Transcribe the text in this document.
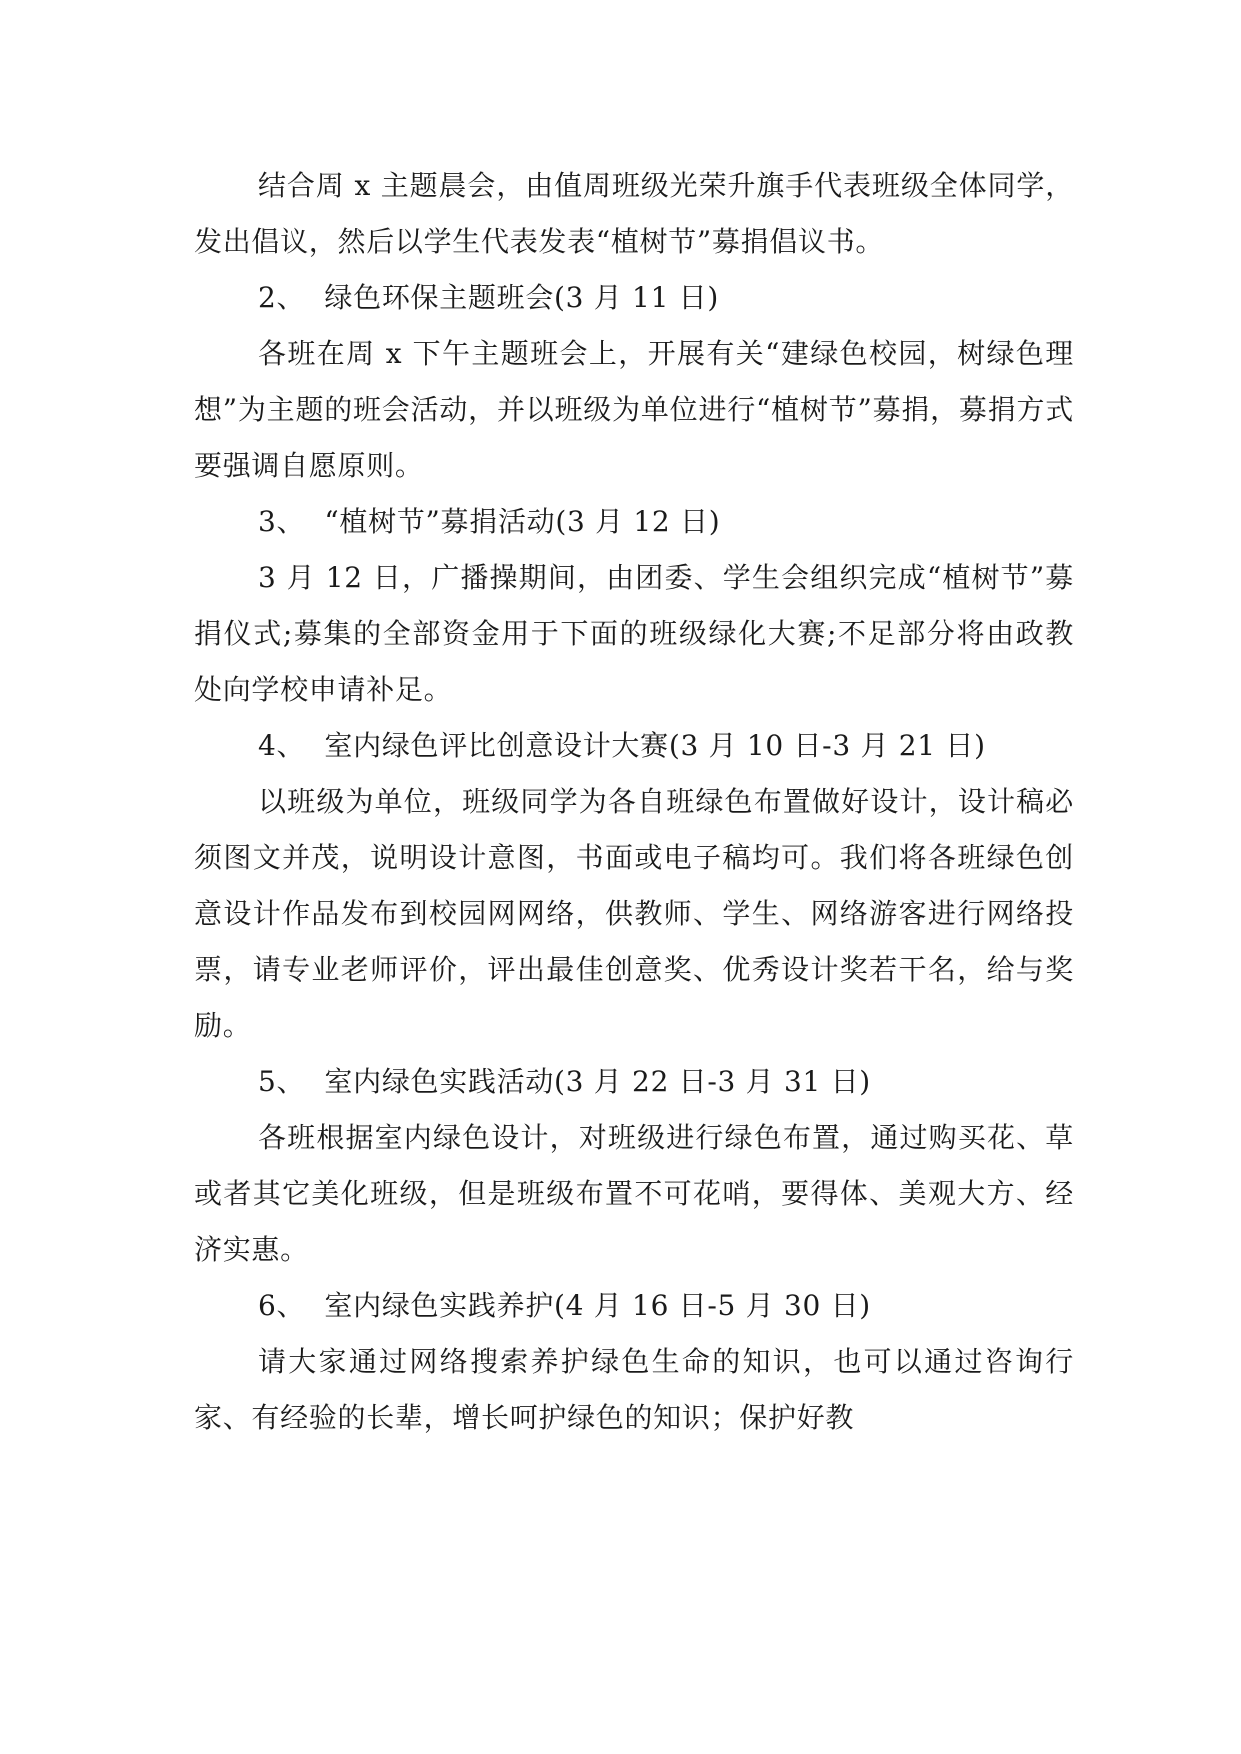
结合周 x 主题晨会，由值周班级光荣升旗手代表班级全体同学，发出倡议，然后以学生代表发表“植树节”募捐倡议书。

2、  绿色环保主题班会(3 月 11 日)

各班在周 x 下午主题班会上，开展有关“建绿色校园，树绿色理想”为主题的班会活动，并以班级为单位进行“植树节”募捐，募捐方式要强调自愿原则。

3、  “植树节”募捐活动(3 月 12 日)

3 月 12 日，广播操期间，由团委、学生会组织完成“植树节”募捐仪式;募集的全部资金用于下面的班级绿化大赛;不足部分将由政教处向学校申请补足。

4、  室内绿色评比创意设计大赛(3 月 10 日-3 月 21 日)

以班级为单位，班级同学为各自班绿色布置做好设计，设计稿必须图文并茂，说明设计意图，书面或电子稿均可。我们将各班绿色创意设计作品发布到校园网网络，供教师、学生、网络游客进行网络投票，请专业老师评价，评出最佳创意奖、优秀设计奖若干名，给与奖励。

5、  室内绿色实践活动(3 月 22 日-3 月 31 日)

各班根据室内绿色设计，对班级进行绿色布置，通过购买花、草或者其它美化班级，但是班级布置不可花哨，要得体、美观大方、经济实惠。

6、  室内绿色实践养护(4 月 16 日-5 月 30 日)

请大家通过网络搜索养护绿色生命的知识，也可以通过咨询行家、有经验的长辈，增长呵护绿色的知识；保护好教
